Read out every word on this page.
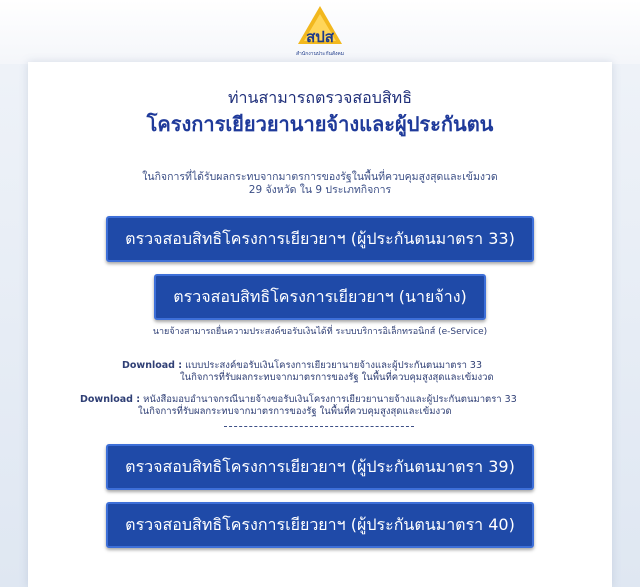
สปส
สำนักงานประกันสังคม
ท่านสามารถตรวจสอบสิทธิ
โครงการเยียวยานายจ้างและผู้ประกันตน
ในกิจการที่ได้รับผลกระทบจากมาตรการของรัฐในพื้นที่ควบคุมสูงสุดและเข้มงวด
29 จังหวัด ใน 9 ประเภทกิจการ
ตรวจสอบสิทธิโครงการเยียวยาฯ (ผู้ประกันตนมาตรา 33)
ตรวจสอบสิทธิโครงการเยียวยาฯ (นายจ้าง)
นายจ้างสามารถยื่นความประสงค์ขอรับเงินได้ที่ ระบบบริการอิเล็กทรอนิกส์ (e-Service)
Download : แบบประสงค์ขอรับเงินโครงการเยียวยานายจ้างและผู้ประกันตนมาตรา 33
ในกิจการที่รับผลกระทบจากมาตรการของรัฐ ในพื้นที่ควบคุมสูงสุดและเข้มงวด
Download : หนังสือมอบอำนาจกรณีนายจ้างขอรับเงินโครงการเยียวยานายจ้างและผู้ประกันตนมาตรา 33
ในกิจการที่รับผลกระทบจากมาตรการของรัฐ ในพื้นที่ควบคุมสูงสุดและเข้มงวด
ตรวจสอบสิทธิโครงการเยียวยาฯ (ผู้ประกันตนมาตรา 39)
ตรวจสอบสิทธิโครงการเยียวยาฯ (ผู้ประกันตนมาตรา 40)
